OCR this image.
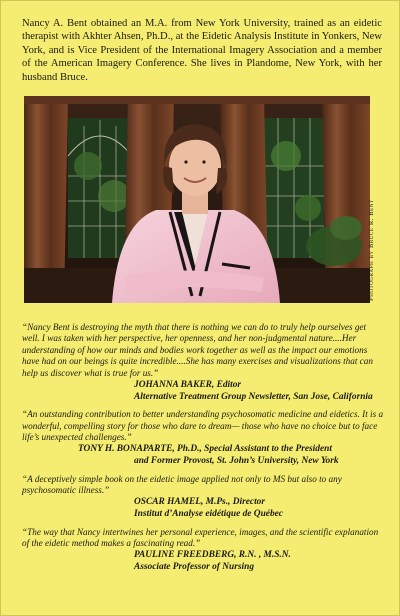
Nancy A. Bent obtained an M.A. from New York University, trained as an eidetic therapist with Akhter Ahsen, Ph.D., at the Eidetic Analysis Institute in Yonkers, New York, and is Vice President of the International Imagery Association and a member of the American Imagery Conference. She lives in Plandome, New York, with her husband Bruce.

Photograph by Bruce R. Bent

“Nancy Bent is destroying the myth that there is nothing we can do to truly help ourselves get well. I was taken with her perspective, her openness, and her non-judgmental nature....Her understanding of how our minds and bodies work together as well as the impact our emotions have had on our beings is quite incredible....She has many exercises and visualizations that can help us discover what is true for us.”

JOHANNA BAKER, Editor

Alternative Treatment Group Newsletter, San Jose, California

“An outstanding contribution to better understanding psychosomatic medicine and eidetics. It is a wonderful, compelling story for those who dare to dream— those who have no choice but to face life’s unexpected challenges.”

TONY H. BONAPARTE, Ph.D., Special Assistant to the President

and Former Provost, St. John’s University, New York

“A deceptively simple book on the eidetic image applied not only to MS but also to any psychosomatic illness.”

OSCAR HAMEL, M.Ps., Director

Institut d’Analyse eidétique de Québec

“The way that Nancy intertwines her personal experience, images, and the scientific explanation of the eidetic method makes a fascinating read.”

PAULINE FREEDBERG, R.N. , M.S.N.

Associate Professor of Nursing
